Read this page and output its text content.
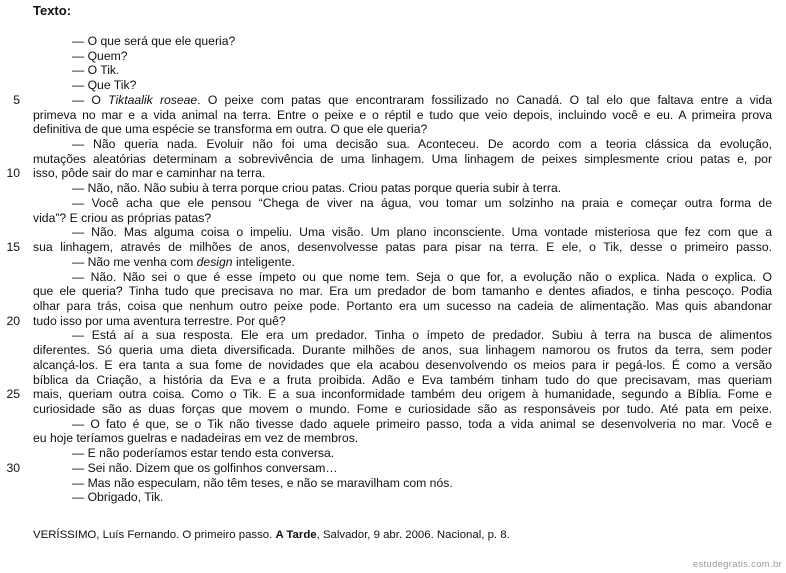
Texto:
— O que será que ele queria?
— Quem?
— O Tik.
— Que Tik?
— O Tiktaalik roseae. O peixe com patas que encontraram fossilizado no Canadá. O tal elo que faltava entre a vida
primeva no mar e a vida animal na terra. Entre o peixe e o réptil e tudo que veio depois, incluindo você e eu. A primeira prova
definitiva de que uma espécie se transforma em outra. O que ele queria?
— Não queria nada. Evoluir não foi uma decisão sua. Aconteceu. De acordo com a teoria clássica da evolução,
mutações aleatórias determinam a sobrevivência de uma linhagem. Uma linhagem de peixes simplesmente criou patas e, por
isso, pôde sair do mar e caminhar na terra.
— Não, não. Não subiu à terra porque criou patas. Criou patas porque queria subir à terra.
— Você acha que ele pensou “Chega de viver na água, vou tomar um solzinho na praia e começar outra forma de
vida”? E criou as próprias patas?
— Não. Mas alguma coisa o impeliu. Uma visão. Um plano inconsciente. Uma vontade misteriosa que fez com que a
sua linhagem, através de milhões de anos, desenvolvesse patas para pisar na terra. E ele, o Tik, desse o primeiro passo.
— Não me venha com design inteligente.
— Não. Não sei o que é esse ímpeto ou que nome tem. Seja o que for, a evolução não o explica. Nada o explica. O
que ele queria? Tinha tudo que precisava no mar. Era um predador de bom tamanho e dentes afiados, e tinha pescoço. Podia
olhar para trás, coisa que nenhum outro peixe pode. Portanto era um sucesso na cadeia de alimentação. Mas quis abandonar
tudo isso por uma aventura terrestre. Por quê?
— Está aí a sua resposta. Ele era um predador. Tinha o ímpeto de predador. Subiu à terra na busca de alimentos
diferentes. Só queria uma dieta diversificada. Durante milhões de anos, sua linhagem namorou os frutos da terra, sem poder
alcançá-los. E era tanta a sua fome de novidades que ela acabou desenvolvendo os meios para ir pegá-los. É como a versão
bíblica da Criação, a história da Eva e a fruta proibida. Adão e Eva também tinham tudo do que precisavam, mas queriam
mais, queriam outra coisa. Como o Tik. E a sua inconformidade também deu origem à humanidade, segundo a Bíblia. Fome e
curiosidade são as duas forças que movem o mundo. Fome e curiosidade são as responsáveis por tudo. Até pata em peixe.
— O fato é que, se o Tik não tivesse dado aquele primeiro passo, toda a vida animal se desenvolveria no mar. Você e
eu hoje teríamos guelras e nadadeiras em vez de membros.
— E não poderíamos estar tendo esta conversa.
— Sei não. Dizem que os golfinhos conversam…
— Mas não especulam, não têm teses, e não se maravilham com nós.
— Obrigado, Tik.
5
10
15
20
25
30
VERÍSSIMO, Luís Fernando. O primeiro passo. A Tarde, Salvador, 9 abr. 2006. Nacional, p. 8.
estudegratis.com.br
